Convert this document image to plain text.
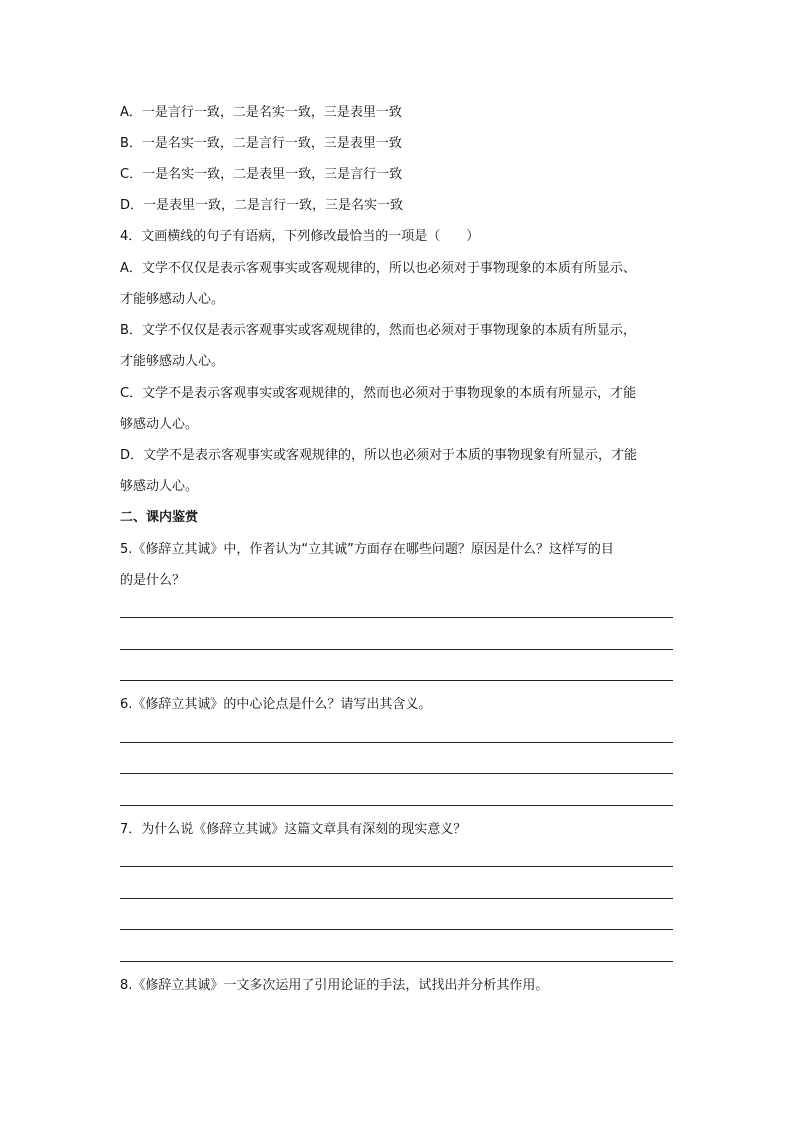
A．一是言行一致，二是名实一致，三是表里一致
B．一是名实一致，二是言行一致，三是表里一致
C．一是名实一致，二是表里一致，三是言行一致
D．一是表里一致，二是言行一致，三是名实一致
4．文画横线的句子有语病，下列修改最恰当的一项是（　　）
A．文学不仅仅是表示客观事实或客观规律的，所以也必须对于事物现象的本质有所显示、
才能够感动人心。
B．文学不仅仅是表示客观事实或客观规律的，然而也必须对于事物现象的本质有所显示，
才能够感动人心。
C．文学不是表示客观事实或客观规律的，然而也必须对于事物现象的本质有所显示，才能
够感动人心。
D．文学不是表示客观事实或客观规律的，所以也必须对于本质的事物现象有所显示，才能
够感动人心。
二、课内鉴赏
5.《修辞立其诚》中，作者认为“立其诚”方面存在哪些问题？原因是什么？这样写的目
的是什么？
6.《修辞立其诚》的中心论点是什么？请写出其含义。
7．为什么说《修辞立其诚》这篇文章具有深刻的现实意义？
8.《修辞立其诚》一文多次运用了引用论证的手法，试找出并分析其作用。
